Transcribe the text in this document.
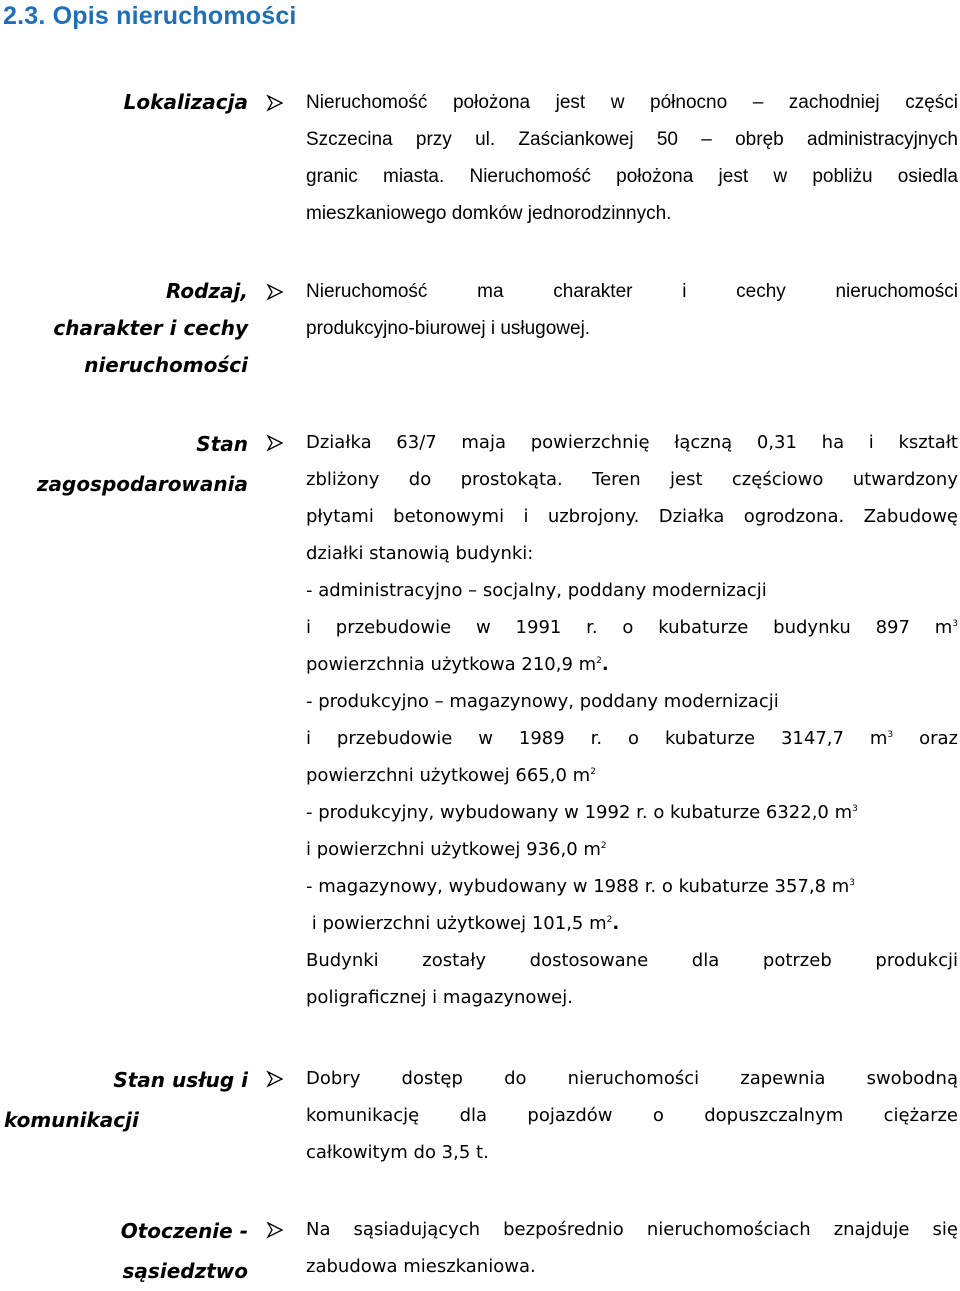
2.3. Opis nieruchomości
Lokalizacja	Nieruchomość położona jest w północno – zachodniej części
Szczecina przy ul. Zaściankowej 50 – obręb administracyjnych
granic miasta. Nieruchomość położona jest w pobliżu osiedla
mieszkaniowego domków jednorodzinnych.
Rodzaj,
charakter i cechy
nieruchomości
Nieruchomość ma charakter i cechy nieruchomości
produkcyjno-biurowej i usługowej.
Stan
zagospodarowania
Działka 63/7 maja powierzchnię łączną 0,31 ha i kształt
zbliżony do prostokąta. Teren jest częściowo utwardzony
płytami betonowymi i uzbrojony. Działka ogrodzona. Zabudowę
działki stanowią budynki:
- administracyjno – socjalny, poddany modernizacji
i przebudowie w 1991 r. o kubaturze budynku 897 $m^3$
powierzchnia użytkowa 210,9 $m^2$.
- produkcyjno – magazynowy, poddany modernizacji
i przebudowie w 1989 r. o kubaturze 3147,7 $m^3$ oraz
powierzchni użytkowej 665,0 $m^2$
- produkcyjny, wybudowany w 1992 r. o kubaturze 6322,0 $m^3$
i powierzchni użytkowej 936,0 $m^2$
- magazynowy, wybudowany w 1988 r. o kubaturze 357,8 $m^3$
i powierzchni użytkowej 101,5 $m^2$.
Budynki zostały dostosowane dla potrzeb produkcji
poligraficznej i magazynowej.
Stan usług i
komunikacji
Dobry dostęp do nieruchomości zapewnia swobodną
komunikację dla pojazdów o dopuszczalnym ciężarze
całkowitym do 3,5 t.
Otoczenie -
sąsiedztwo
Na sąsiadujących bezpośrednio nieruchomościach znajduje się
zabudowa mieszkaniowa.
